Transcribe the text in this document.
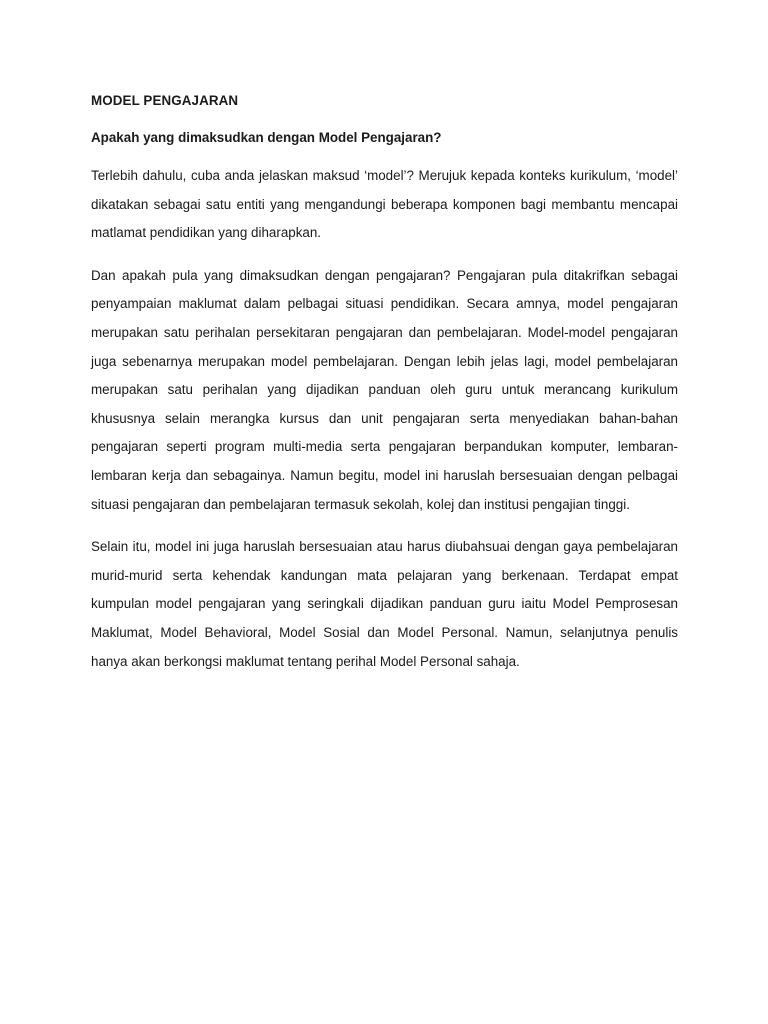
MODEL PENGAJARAN
Apakah yang dimaksudkan dengan Model Pengajaran?

Terlebih dahulu, cuba anda jelaskan maksud ‘model’? Merujuk kepada konteks kurikulum, ‘model’ dikatakan sebagai satu entiti yang mengandungi beberapa komponen bagi membantu mencapai matlamat pendidikan yang diharapkan.

Dan apakah pula yang dimaksudkan dengan pengajaran? Pengajaran pula ditakrifkan sebagai penyampaian maklumat dalam pelbagai situasi pendidikan. Secara amnya, model pengajaran merupakan satu perihalan persekitaran pengajaran dan pembelajaran. Model-model pengajaran juga sebenarnya merupakan model pembelajaran. Dengan lebih jelas lagi, model pembelajaran merupakan satu perihalan yang dijadikan panduan oleh guru untuk merancang kurikulum khususnya selain merangka kursus dan unit pengajaran serta menyediakan bahan-bahan pengajaran seperti program multi-media serta pengajaran berpandukan komputer, lembaran-lembaran kerja dan sebagainya. Namun begitu, model ini haruslah bersesuaian dengan pelbagai situasi pengajaran dan pembelajaran termasuk sekolah, kolej dan institusi pengajian tinggi.

Selain itu, model ini juga haruslah bersesuaian atau harus diubahsuai dengan gaya pembelajaran murid-murid serta kehendak kandungan mata pelajaran yang berkenaan. Terdapat empat kumpulan model pengajaran yang seringkali dijadikan panduan guru iaitu Model Pemprosesan Maklumat, Model Behavioral, Model Sosial dan Model Personal. Namun, selanjutnya penulis hanya akan berkongsi maklumat tentang perihal Model Personal sahaja.
